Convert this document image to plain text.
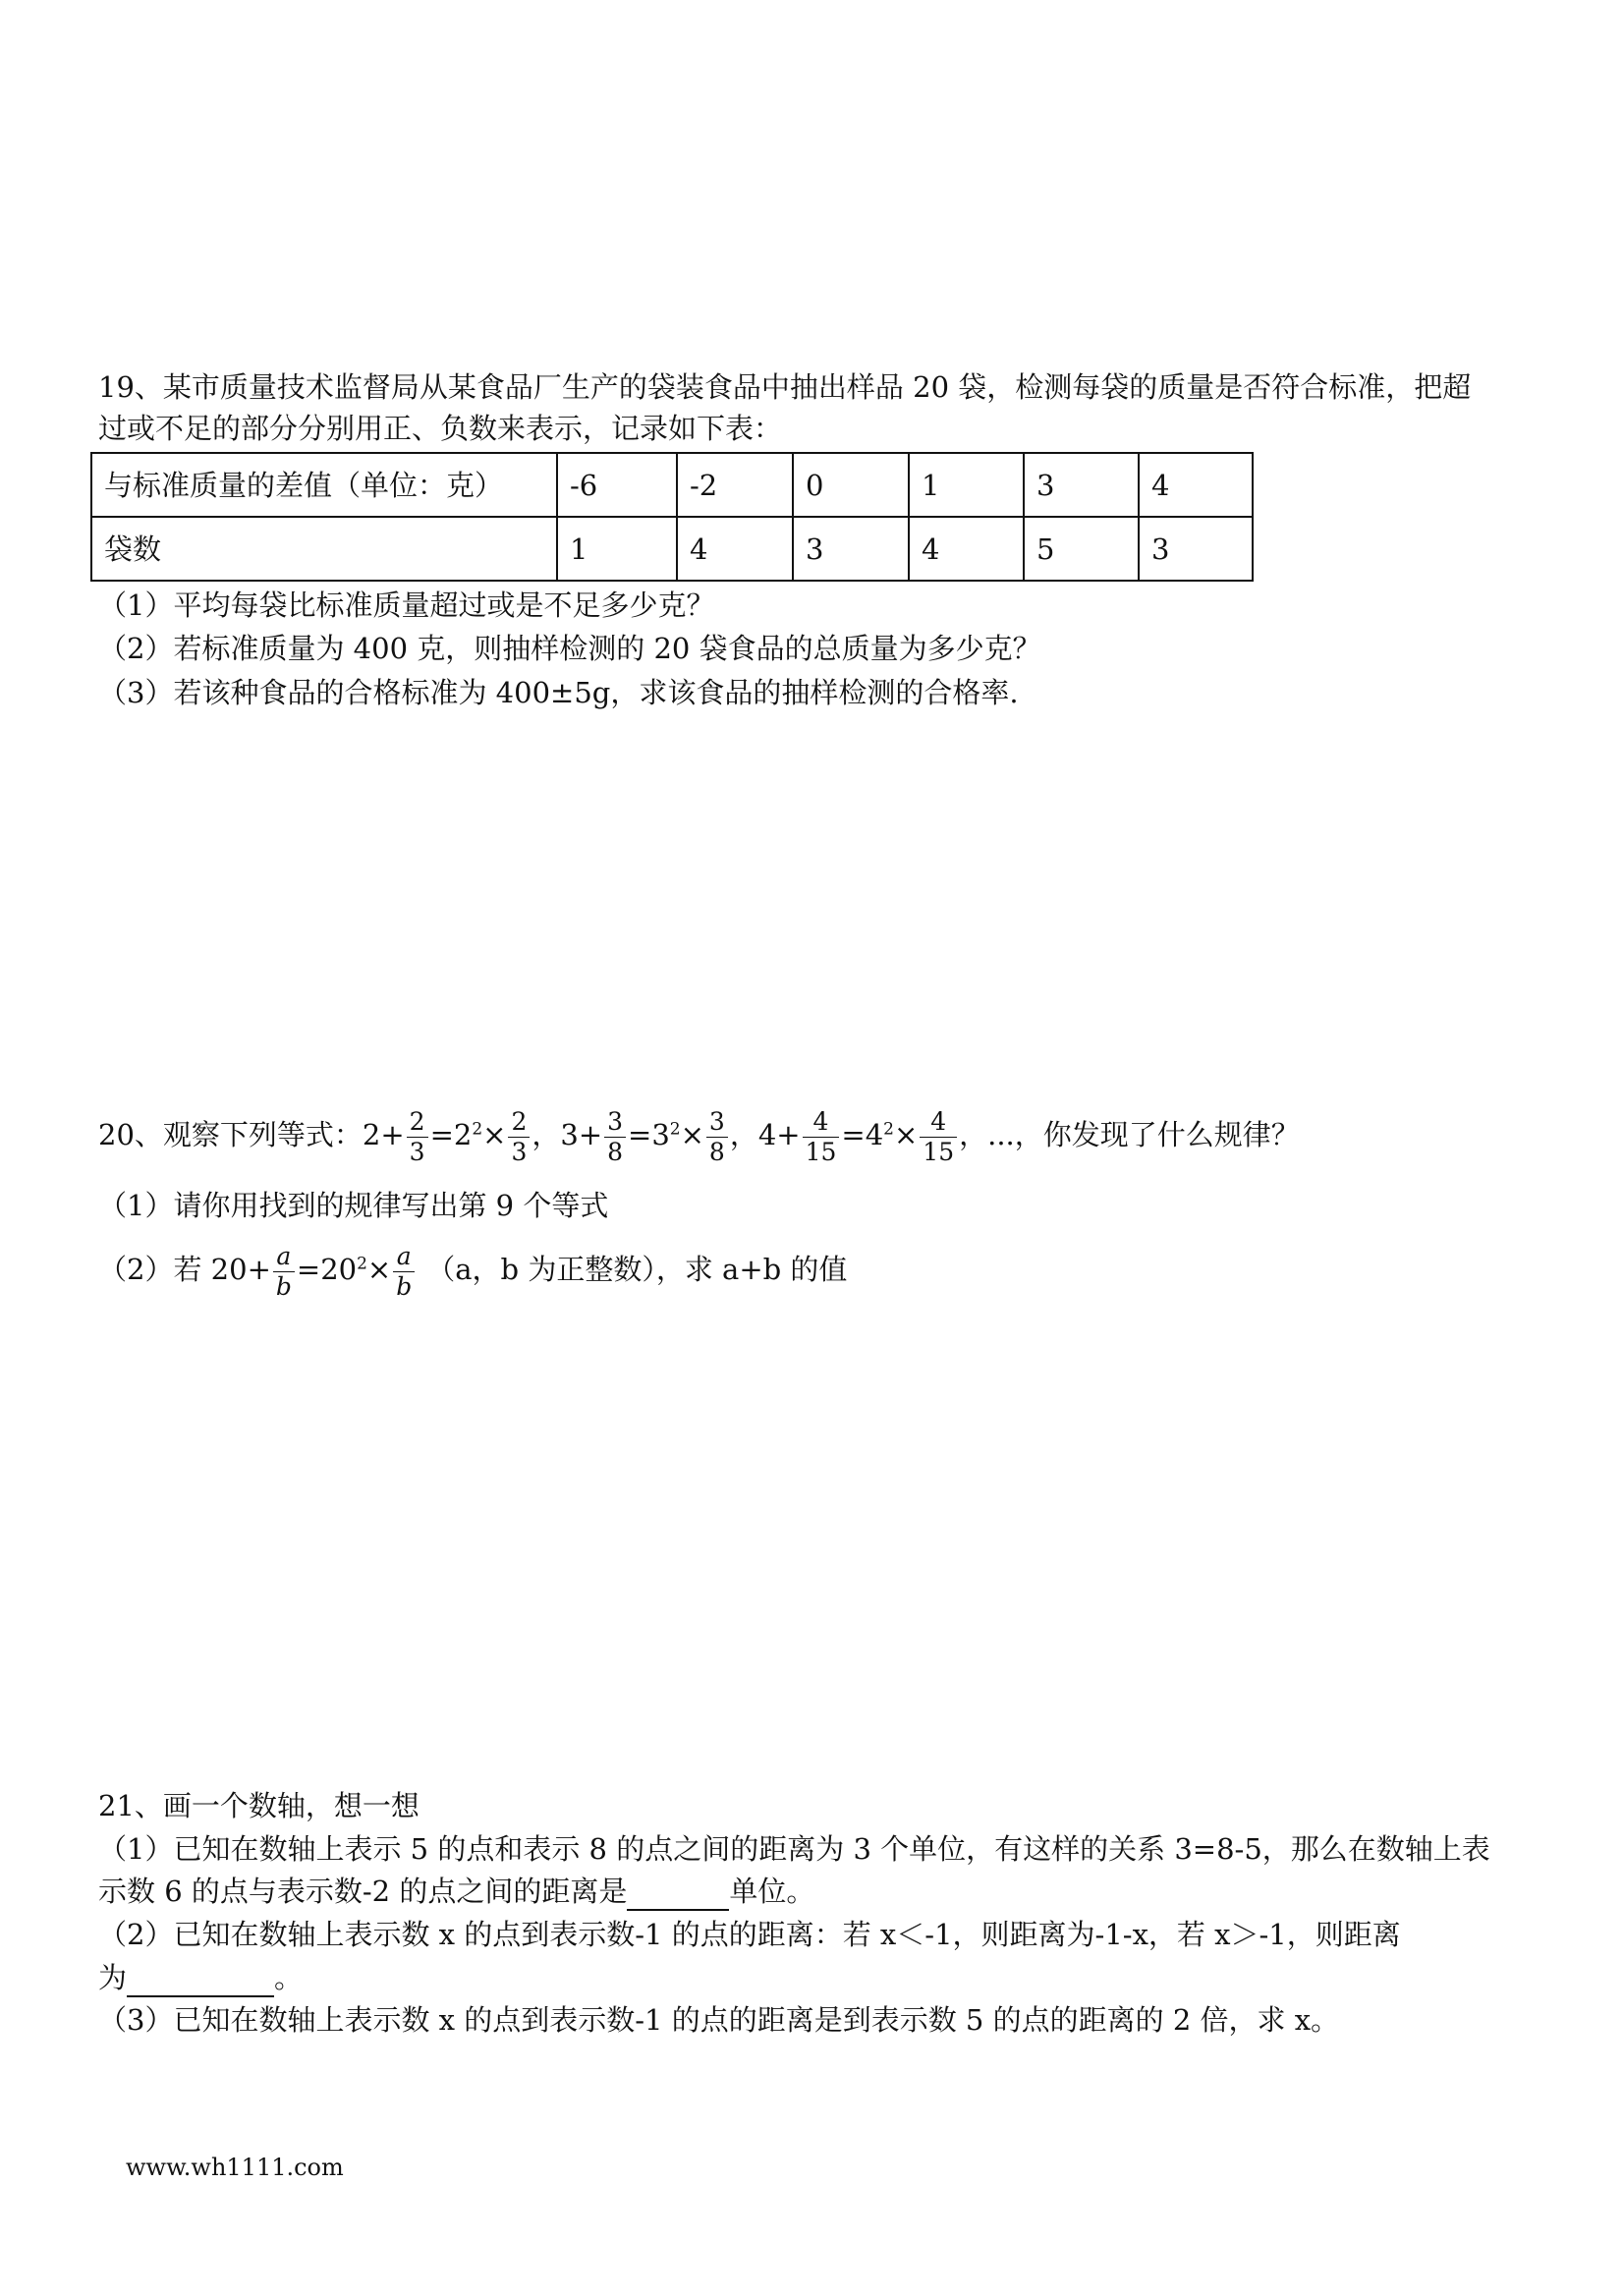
19、某市质量技术监督局从某食品厂生产的袋装食品中抽出样品 20 袋，检测每袋的质量是否符合标准，把超
过或不足的部分分别用正、负数来表示，记录如下表：
与标准质量的差值（单位：克）	-6	-2	0	1	3	4
袋数	1	4	3	4	5	3
（1）平均每袋比标准质量超过或是不足多少克？
（2）若标准质量为 400 克，则抽样检测的 20 袋食品的总质量为多少克？
（3）若该种食品的合格标准为 400±5g，求该食品的抽样检测的合格率.
20、观察下列等式：$2+ \frac{2}{3} =2^2\times \frac{2}{3}$ ，$3+ \frac{3}{8} =3^2\times \frac{3}{8}$ ，$4+ \frac{4}{15} =4^2\times \frac{4}{15}$ ，...，你发现了什么规律？
（1）请你用找到的规律写出第 9 个等式
（2）若 $20+ \frac{a}{b} =20^2\times \frac{a}{b} (a$，b 为正整数），求 a+b 的值
21、画一个数轴，想一想
（1）已知在数轴上表示 5 的点和表示 8 的点之间的距离为 3 个单位，有这样的关系 3=8-5，那么在数轴上表
示数 6 的点与表示数-2 的点之间的距离是	单位。
（2）已知在数轴上表示数 x 的点到表示数-1 的点的距离：若 x＜-1，则距离为-1-x，若 x＞-1，则距离
为	。
（3）已知在数轴上表示数 x 的点到表示数-1 的点的距离是到表示数 5 的点的距离的 2 倍，求 x。
www.wh1111.com
